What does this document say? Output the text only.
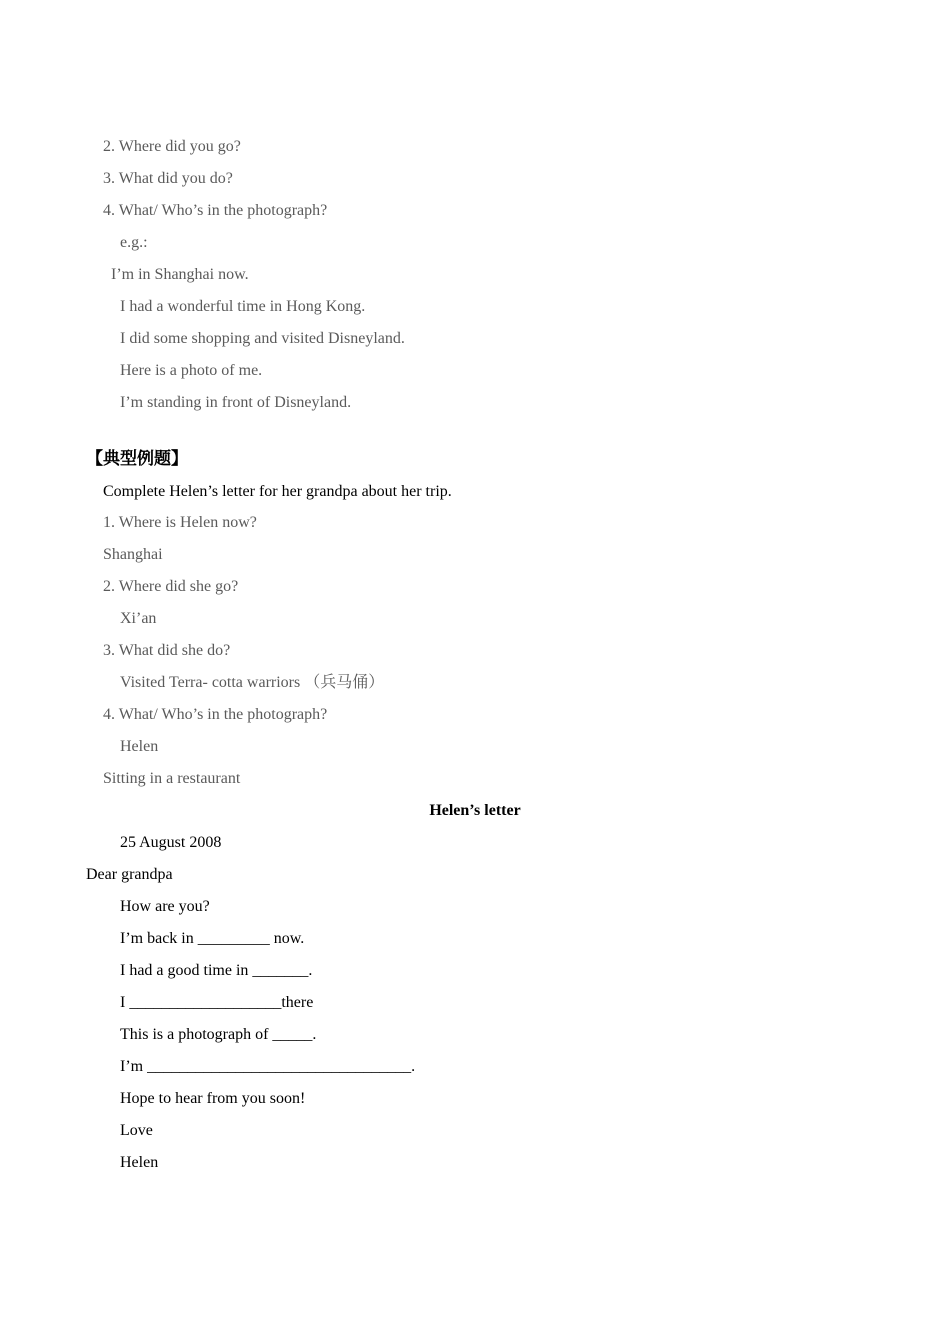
2. Where did you go?
3. What did you do?
4. What/ Who’s in the photograph?
e.g.:
I’m in Shanghai now.
I had a wonderful time in Hong Kong.
I did some shopping and visited Disneyland.
Here is a photo of me.
I’m standing in front of Disneyland.
【典型例题】
Complete Helen’s letter for her grandpa about her trip.
1. Where is Helen now?
Shanghai
2. Where did she go?
Xi’an
3. What did she do?
Visited Terra- cotta warriors （兵马俑）
4. What/ Who’s in the photograph?
Helen
Sitting in a restaurant
Helen’s letter
25 August 2008
Dear grandpa
How are you?
I’m back in _________ now.
I had a good time in _______.
I ___________________there
This is a photograph of _____.
I’m _________________________________.
Hope to hear from you soon!
Love
Helen
